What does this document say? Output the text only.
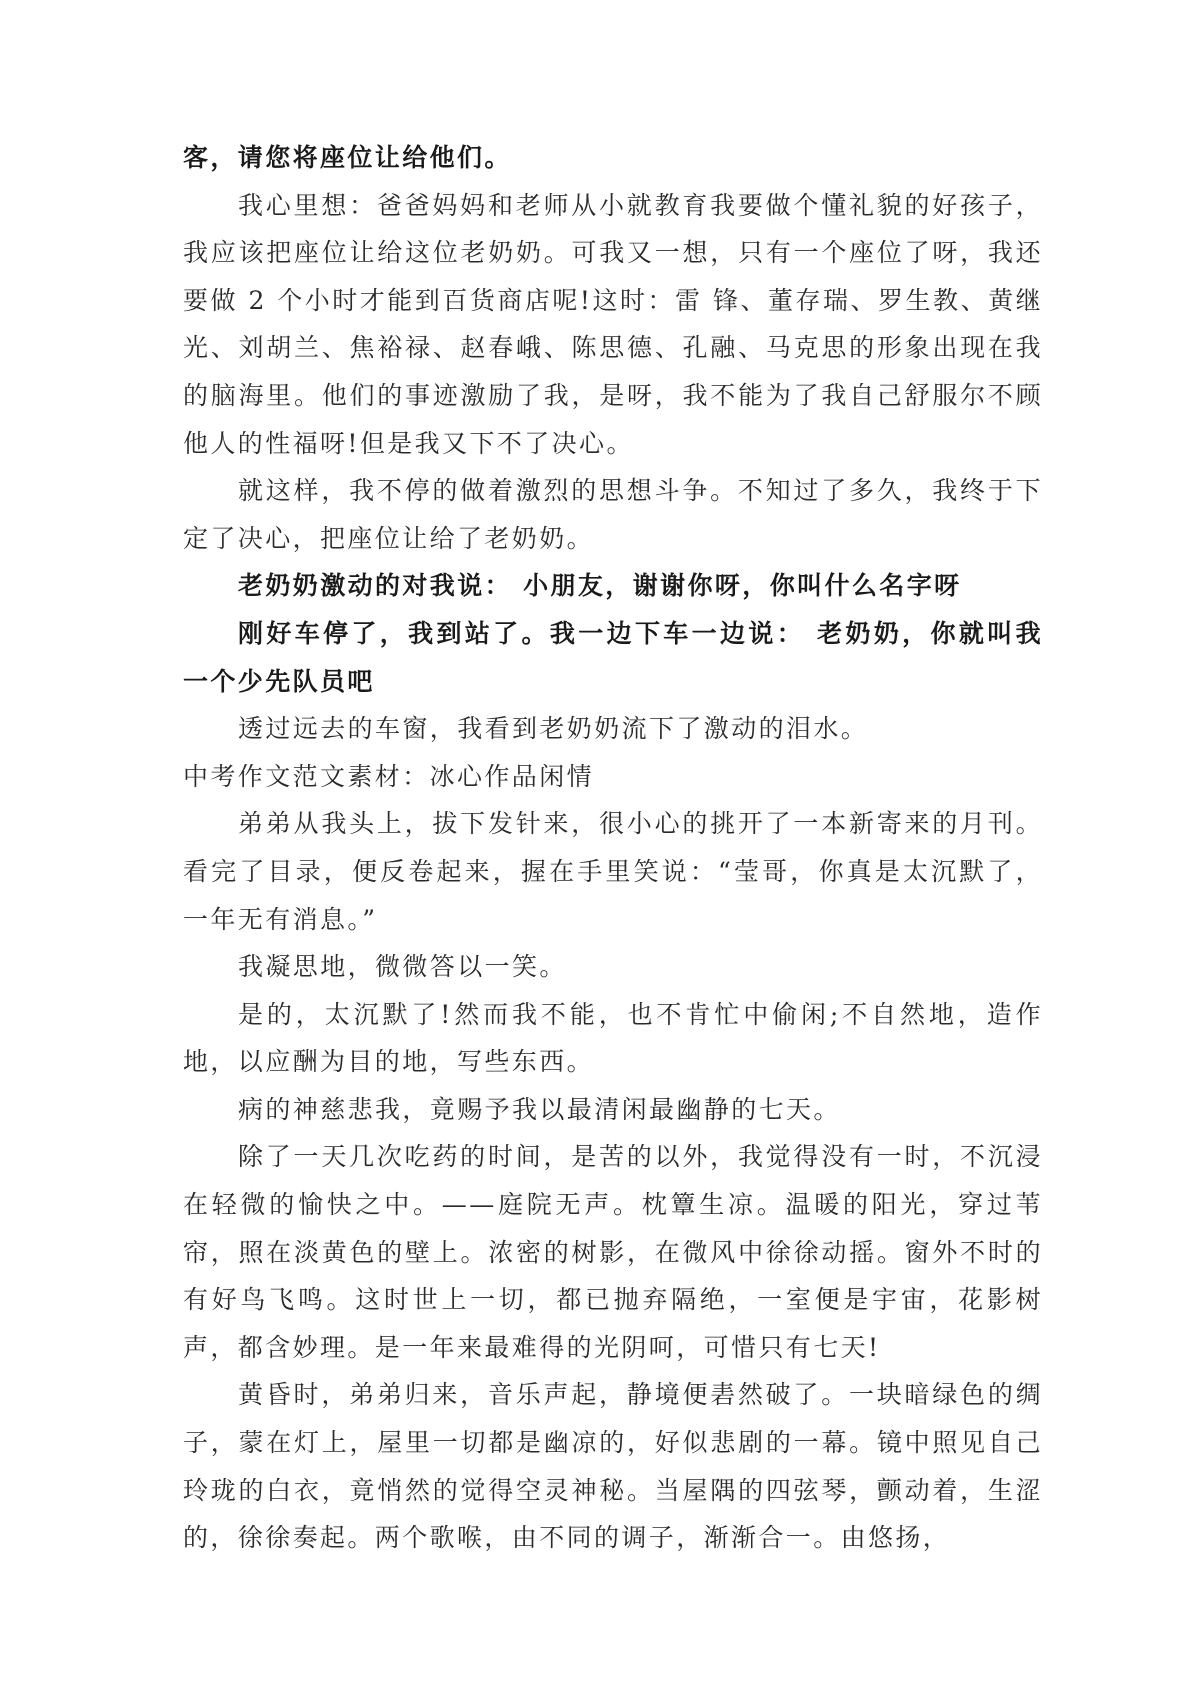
客，请您将座位让给他们。

我心里想：爸爸妈妈和老师从小就教育我要做个懂礼貌的好孩子，我应该把座位让给这位老奶奶。可我又一想，只有一个座位了呀，我还要做 2 个小时才能到百货商店呢!这时：雷 锋、董存瑞、罗生教、黄继光、刘胡兰、焦裕禄、赵春峨、陈思德、孔融、马克思的形象出现在我的脑海里。他们的事迹激励了我，是呀，我不能为了我自己舒服尔不顾 他人的性福呀!但是我又下不了决心。

就这样，我不停的做着激烈的思想斗争。不知过了多久，我终于下定了决心，把座位让给了老奶奶。

老奶奶激动的对我说： 小朋友，谢谢你呀，你叫什么名字呀

刚好车停了，我到站了。我一边下车一边说： 老奶奶，你就叫我一个少先队员吧

透过远去的车窗，我看到老奶奶流下了激动的泪水。

中考作文范文素材：冰心作品闲情

弟弟从我头上，拔下发针来，很小心的挑开了一本新寄来的月刊。看完了目录，便反卷起来，握在手里笑说：“莹哥，你真是太沉默了，一年无有消息。”

我凝思地，微微答以一笑。

是的，太沉默了!然而我不能，也不肯忙中偷闲;不自然地，造作地，以应酬为目的地，写些东西。

病的神慈悲我，竟赐予我以最清闲最幽静的七天。

除了一天几次吃药的时间，是苦的以外，我觉得没有一时，不沉浸在轻微的愉快之中。——庭院无声。枕簟生凉。温暖的阳光，穿过苇帘，照在淡黄色的壁上。浓密的树影，在微风中徐徐动摇。窗外不时的有好鸟飞鸣。这时世上一切，都已抛弃隔绝，一室便是宇宙，花影树声，都含妙理。是一年来最难得的光阴呵，可惜只有七天!

黄昏时，弟弟归来，音乐声起，静境便砉然破了。一块暗绿色的绸子，蒙在灯上，屋里一切都是幽凉的，好似悲剧的一幕。镜中照见自己玲珑的白衣，竟悄然的觉得空灵神秘。当屋隅的四弦琴，颤动着，生涩的，徐徐奏起。两个歌喉，由不同的调子，渐渐合一。由悠扬，
